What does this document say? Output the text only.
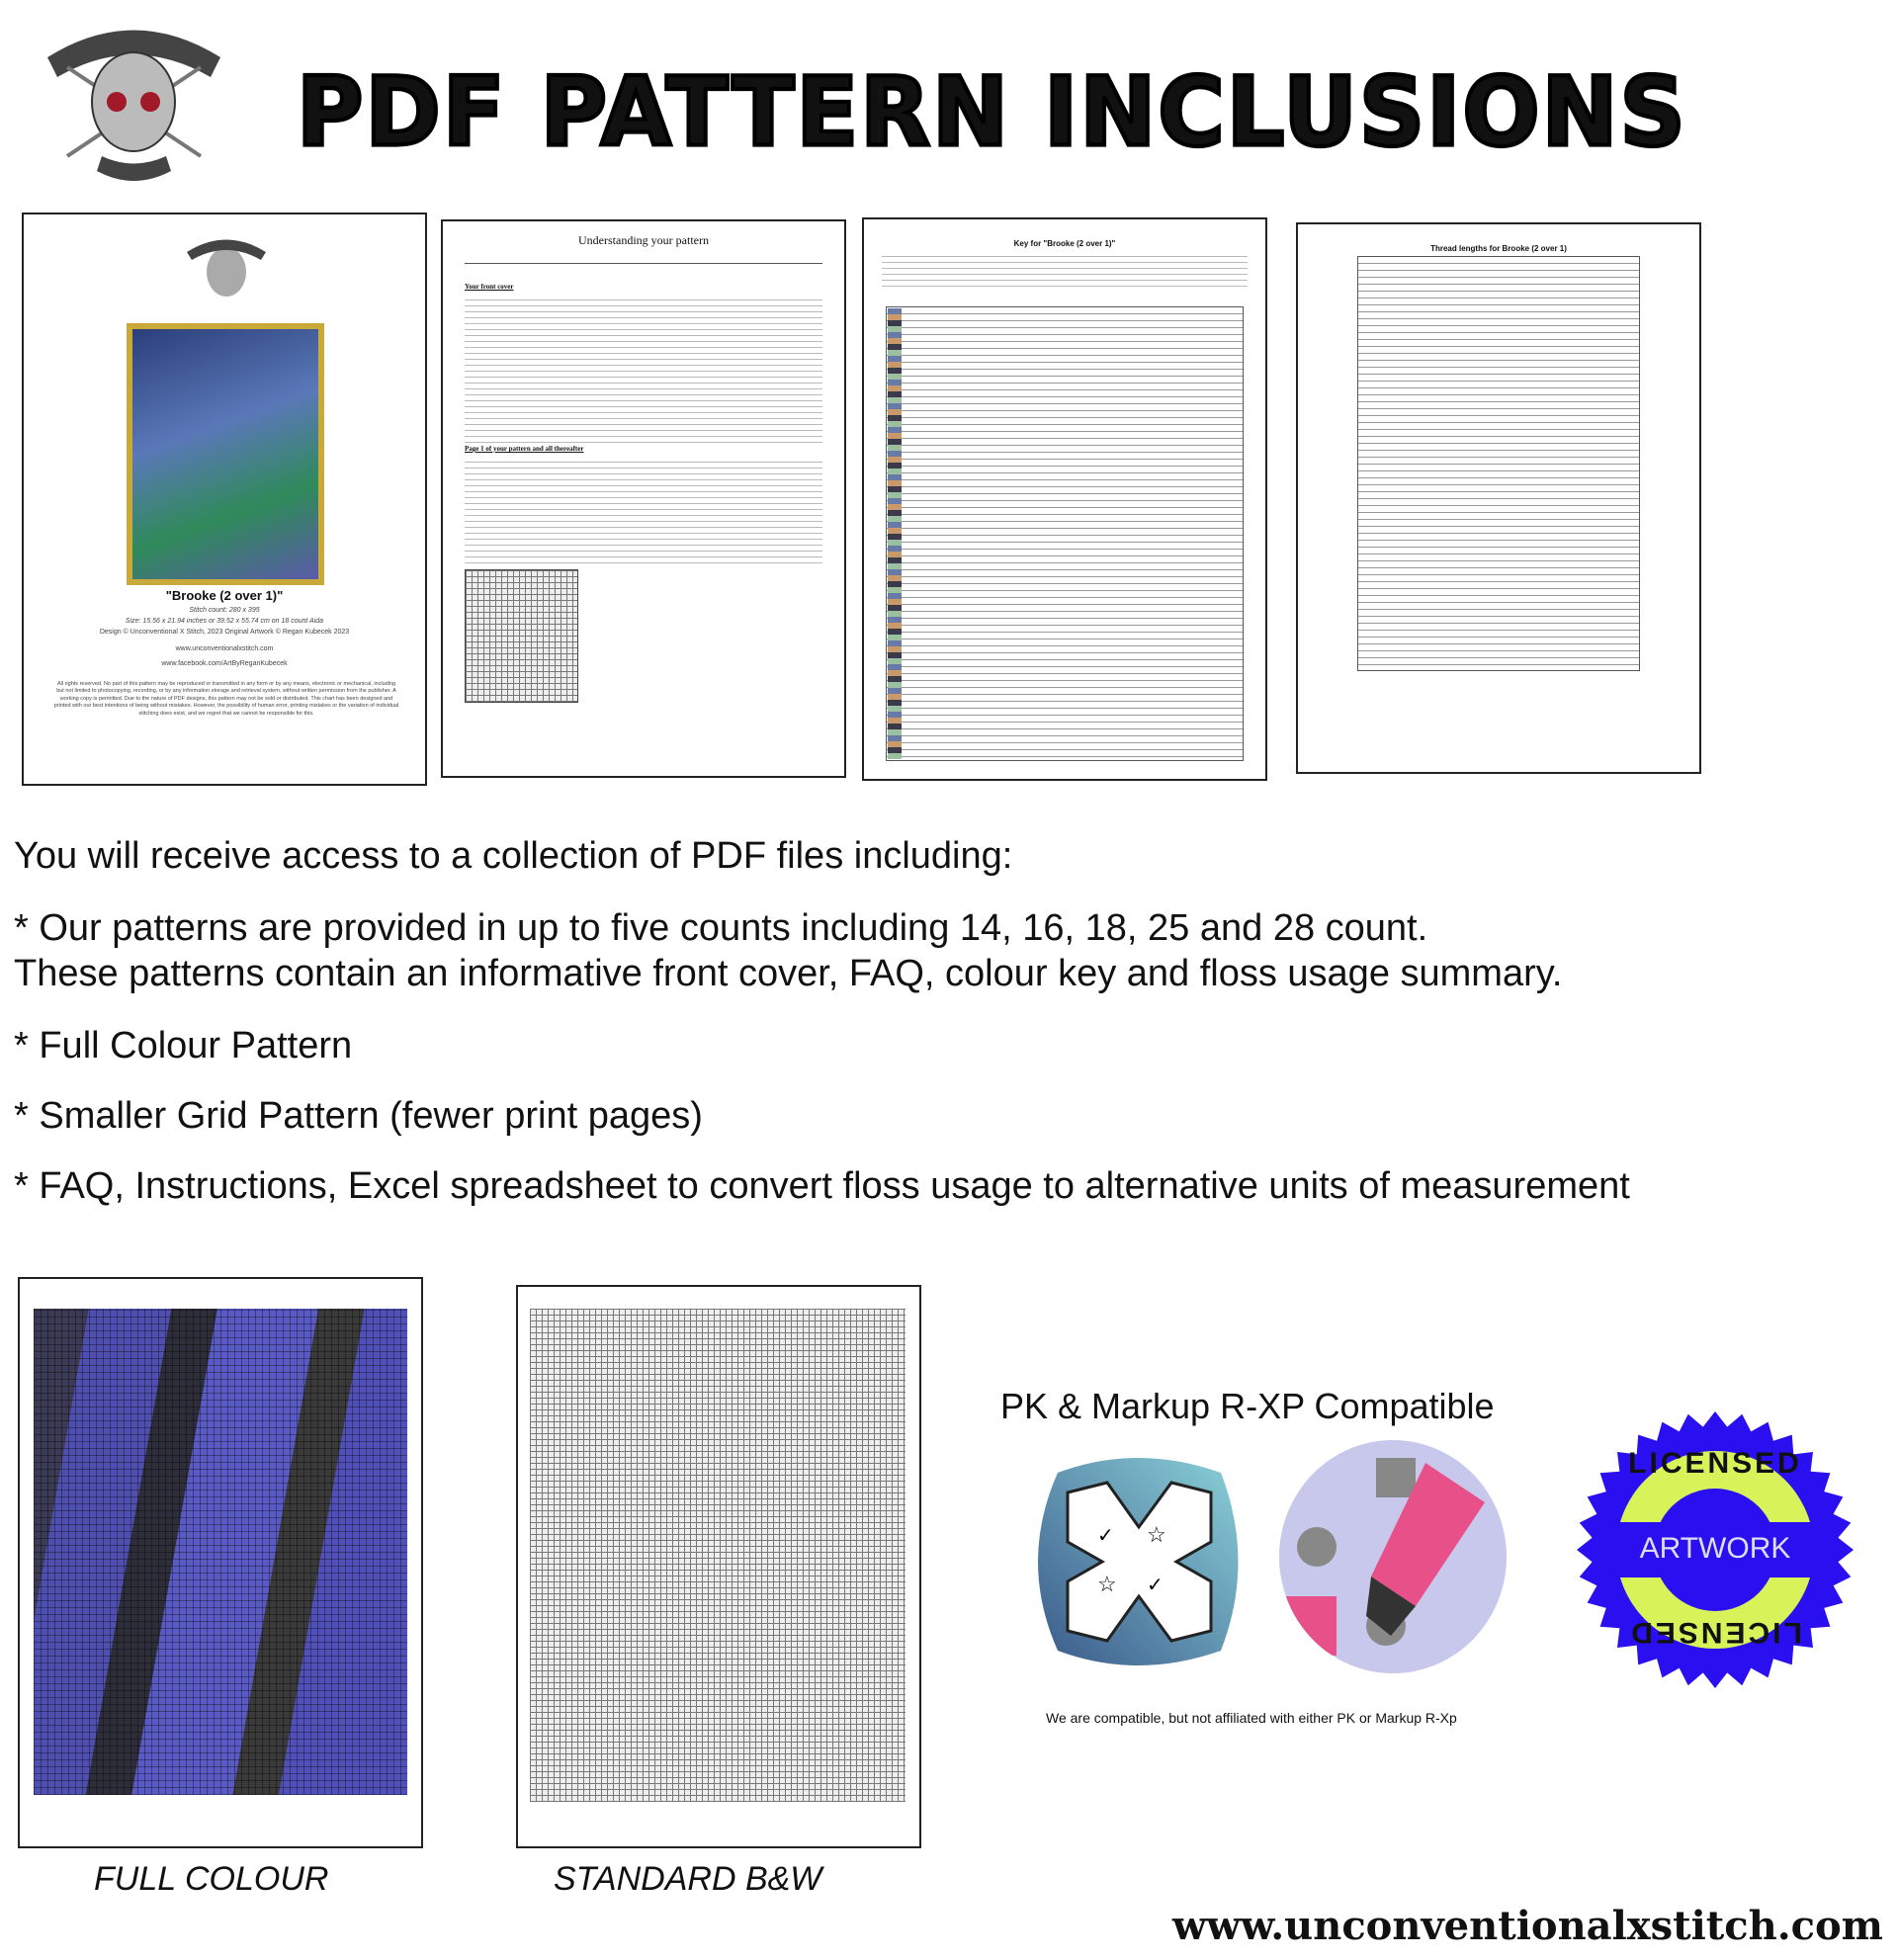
PDF PATTERN INCLUSIONS
"Brooke (2 over 1)"
Stitch count: 280 x 395
Size: 15.56 x 21.94 inches or 39.52 x 55.74 cm on 18 count Aida
Design © Unconventional X Stitch, 2023 Original Artwork © Regan Kubecek 2023
www.unconventionalxstitch.com
www.facebook.com/ArtByReganKubecek
All rights reserved. No part of this pattern may be reproduced or transmitted in any form or by any means, electronic or mechanical, including but not limited to photocopying, recording, or by any information storage and retrieval system, without written permission from the publisher. A working copy is permitted. Due to the nature of PDF designs, this pattern may not be sold or distributed. This chart has been designed and printed with our best intentions of being without mistakes. However, the possibility of human error, printing mistakes or the variation of individual stitching does exist, and we regret that we cannot be responsible for this.
Understanding your pattern
Your front cover
Page 1 of your pattern and all thereafter
Key for "Brooke (2 over 1)"
Thread lengths for Brooke (2 over 1)
You will receive access to a collection of PDF files including:
* Our patterns are provided in up to five counts including 14, 16, 18, 25 and 28 count.
These patterns contain an informative front cover, FAQ, colour key and floss usage summary.
* Full Colour Pattern
* Smaller Grid Pattern (fewer print pages)
* FAQ, Instructions, Excel spreadsheet to convert floss usage to alternative units of measurement
FULL COLOUR	STANDARD B&W
PK & Markup R-XP Compatible
✓ ☆
☆ ✓
We are compatible, but not affiliated with either PK or Markup R-Xp
LICENSED
ARTWORK
LICENSED
www.unconventionalxstitch.com
